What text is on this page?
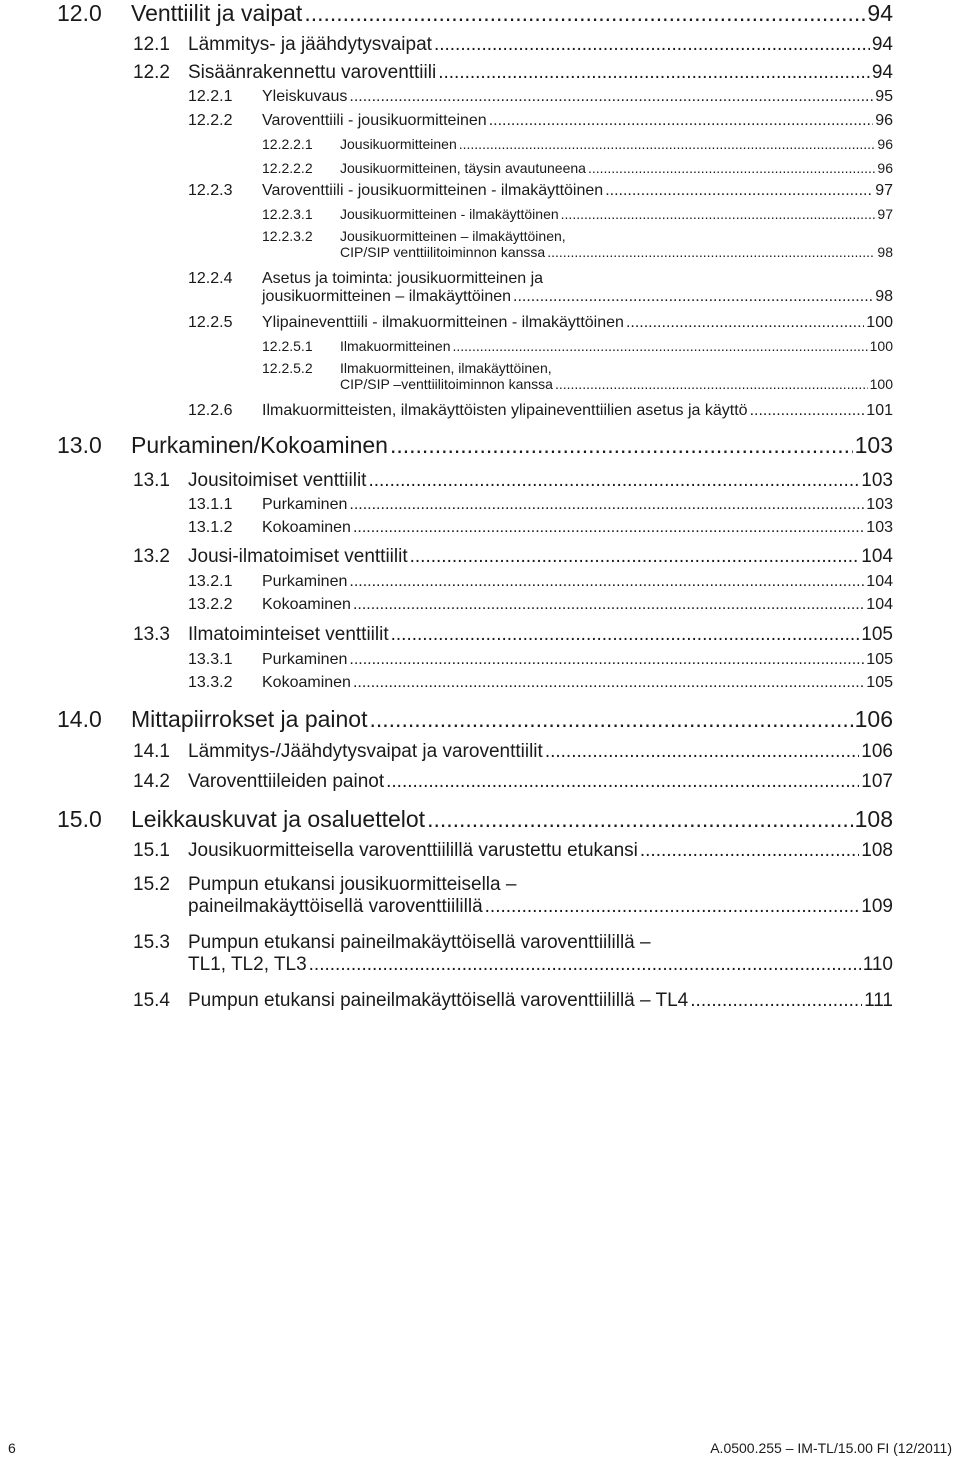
12.0	Venttiilit ja vaipat .....	94
12.1 Lämmitys- ja jäähdytysvaipat .....	94
12.2 Sisäänrakennettu varoventtiili .....	94
12.2.1	Yleiskuvaus .....	95
12.2.2	Varoventtiili - jousikuormitteinen .....	96
12.2.2.1	Jousikuormitteinen .....	96
12.2.2.2	Jousikuormitteinen, täysin avautuneena .....	96
12.2.3	Varoventtiili - jousikuormitteinen - ilmakäyttöinen .....	97
12.2.3.1	Jousikuormitteinen - ilmakäyttöinen .....	97
12.2.3.2	Jousikuormitteinen – ilmakäyttöinen,
CIP/SIP venttiilitoiminnon kanssa .....	98
12.2.4	Asetus ja toiminta: jousikuormitteinen ja
jousikuormitteinen – ilmakäyttöinen .....	98
12.2.5	Ylipaineventtiili - ilmakuormitteinen - ilmakäyttöinen .....	100
12.2.5.1	Ilmakuormitteinen .....	100
12.2.5.2	Ilmakuormitteinen, ilmakäyttöinen,
CIP/SIP –venttiilitoiminnon kanssa .....	100
12.2.6	Ilmakuormitteisten, ilmakäyttöisten ylipaineventtiilien asetus ja käyttö .....	101
13.0	Purkaminen/Kokoaminen .....	103
13.1 Jousitoimiset venttiilit .....	103
13.1.1	Purkaminen .....	103
13.1.2	Kokoaminen .....	103
13.2 Jousi-ilmatoimiset venttiilit .....	104
13.2.1	Purkaminen .....	104
13.2.2	Kokoaminen .....	104
13.3 Ilmatoiminteiset venttiilit .....	105
13.3.1	Purkaminen .....	105
13.3.2	Kokoaminen .....	105
14.0	Mittapiirrokset ja painot .....	106
14.1 Lämmitys-/Jäähdytysvaipat ja varoventtiilit .....	106
14.2 Varoventtiileiden painot .....	107
15.0	Leikkauskuvat ja osaluettelot .....	108
15.1 Jousikuormitteisella varoventtiilillä varustettu etukansi .....	108
15.2 Pumpun etukansi jousikuormitteisella –
paineilmakäyttöisellä varoventtiilillä .....	109
15.3 Pumpun etukansi paineilmakäyttöisellä varoventtiilillä –
TL1, TL2, TL3 .....	110
15.4 Pumpun etukansi paineilmakäyttöisellä varoventtiilillä – TL4 .....	111
6	A.0500.255 – IM-TL/15.00 FI (12/2011)
